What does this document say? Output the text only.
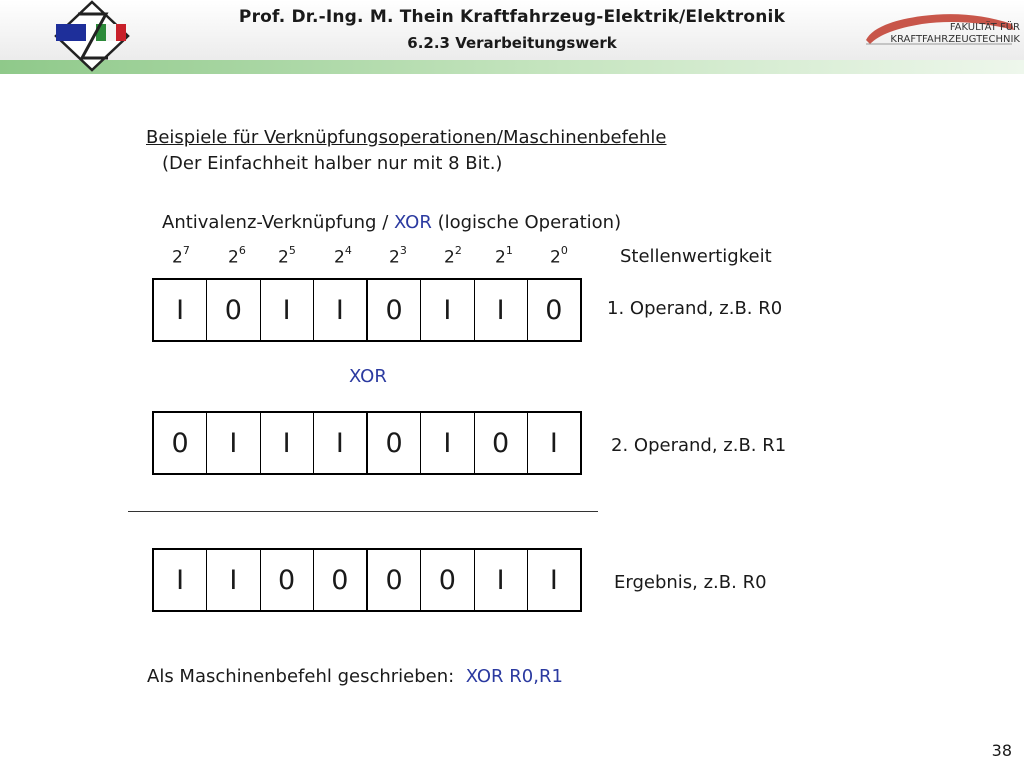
Prof. Dr.-Ing. M. Thein Kraftfahrzeug-Elektrik/Elektronik
6.2.3 Verarbeitungswerk
FAKULTÄT FÜR
KRAFTFAHRZEUGTECHNIK
Beispiele für Verknüpfungsoperationen/Maschinenbefehle
(Der Einfachheit halber nur mit 8 Bit.)
Antivalenz-Verknüpfung / XOR (logische Operation)
$2^7$ $2^6$ $2^5$ $2^4$ $2^3$ $2^2$ $2^1$ $2^0$	Stellenwertigkeit
I	0	I	I	0	I	I	0	1. Operand, z.B. R0
XOR
0	I	I	I	0	I	0	I	2. Operand, z.B. R1
I	I	0	0	0	0	I	I	Ergebnis, z.B. R0
Als Maschinenbefehl geschrieben: XOR R0,R1
38
